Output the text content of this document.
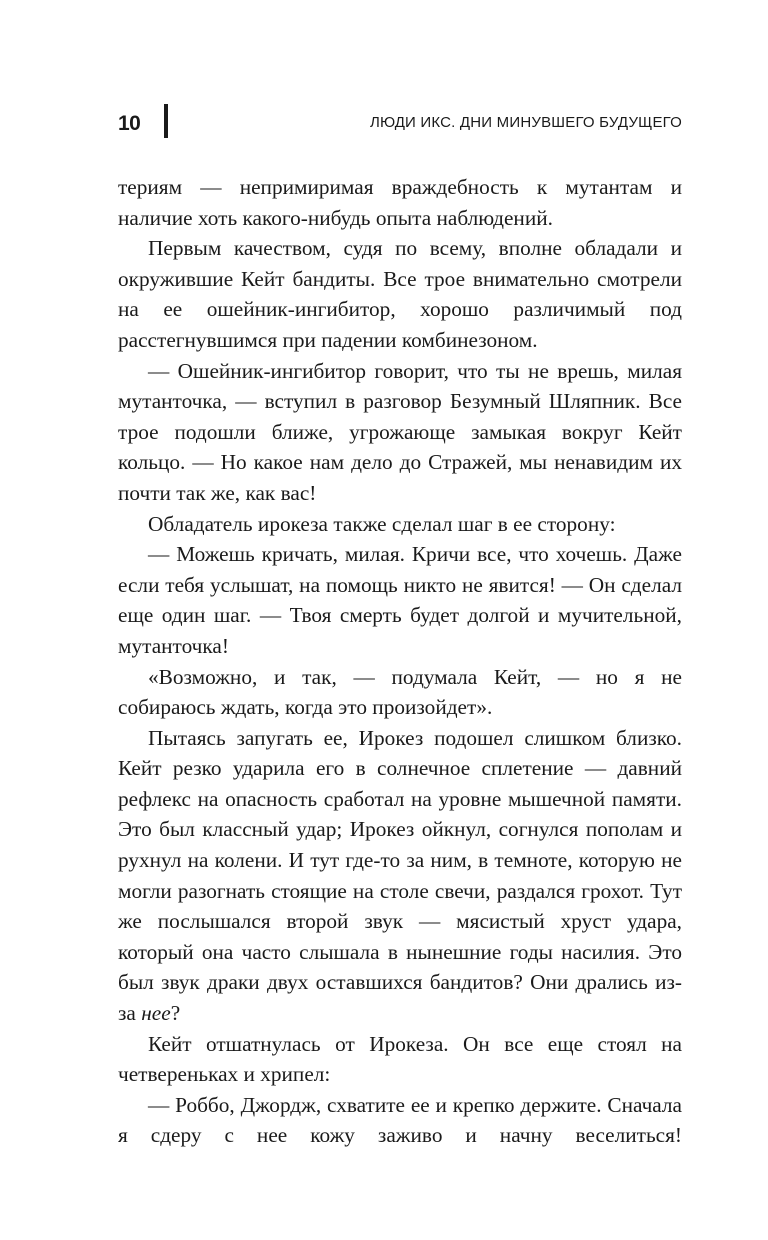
10	ЛЮДИ ИКС. ДНИ МИНУВШЕГО БУДУЩЕГО

териям — непримиримая враждебность к мутантам и наличие хоть какого-нибудь опыта наблюдений.

Первым качеством, судя по всему, вполне обладали и окружившие Кейт бандиты. Все трое внимательно смотрели на ее ошейник-ингибитор, хорошо различимый под расстегнувшимся при падении комбинезоном.

— Ошейник-ингибитор говорит, что ты не врешь, милая мутанточка, — вступил в разговор Безумный Шляпник. Все трое подошли ближе, угрожающе замыкая вокруг Кейт кольцо. — Но какое нам дело до Стражей, мы ненавидим их почти так же, как вас!

Обладатель ирокеза также сделал шаг в ее сторону:

— Можешь кричать, милая. Кричи все, что хочешь. Даже если тебя услышат, на помощь никто не явится! — Он сделал еще один шаг. — Твоя смерть будет долгой и мучительной, мутанточка!

«Возможно, и так, — подумала Кейт, — но я не собираюсь ждать, когда это произойдет».

Пытаясь запугать ее, Ирокез подошел слишком близко. Кейт резко ударила его в солнечное сплетение — давний рефлекс на опасность сработал на уровне мышечной памяти. Это был классный удар; Ирокез ойкнул, согнулся пополам и рухнул на колени. И тут где-то за ним, в темноте, которую не могли разогнать стоящие на столе свечи, раздался грохот. Тут же послышался второй звук — мясистый хруст удара, который она часто слышала в нынешние годы насилия. Это был звук драки двух оставшихся бандитов? Они дрались из-за нее?

Кейт отшатнулась от Ирокеза. Он все еще стоял на четвереньках и хрипел:

— Роббо, Джордж, схватите ее и крепко держите. Сначала я сдеру с нее кожу заживо и начну веселиться!
